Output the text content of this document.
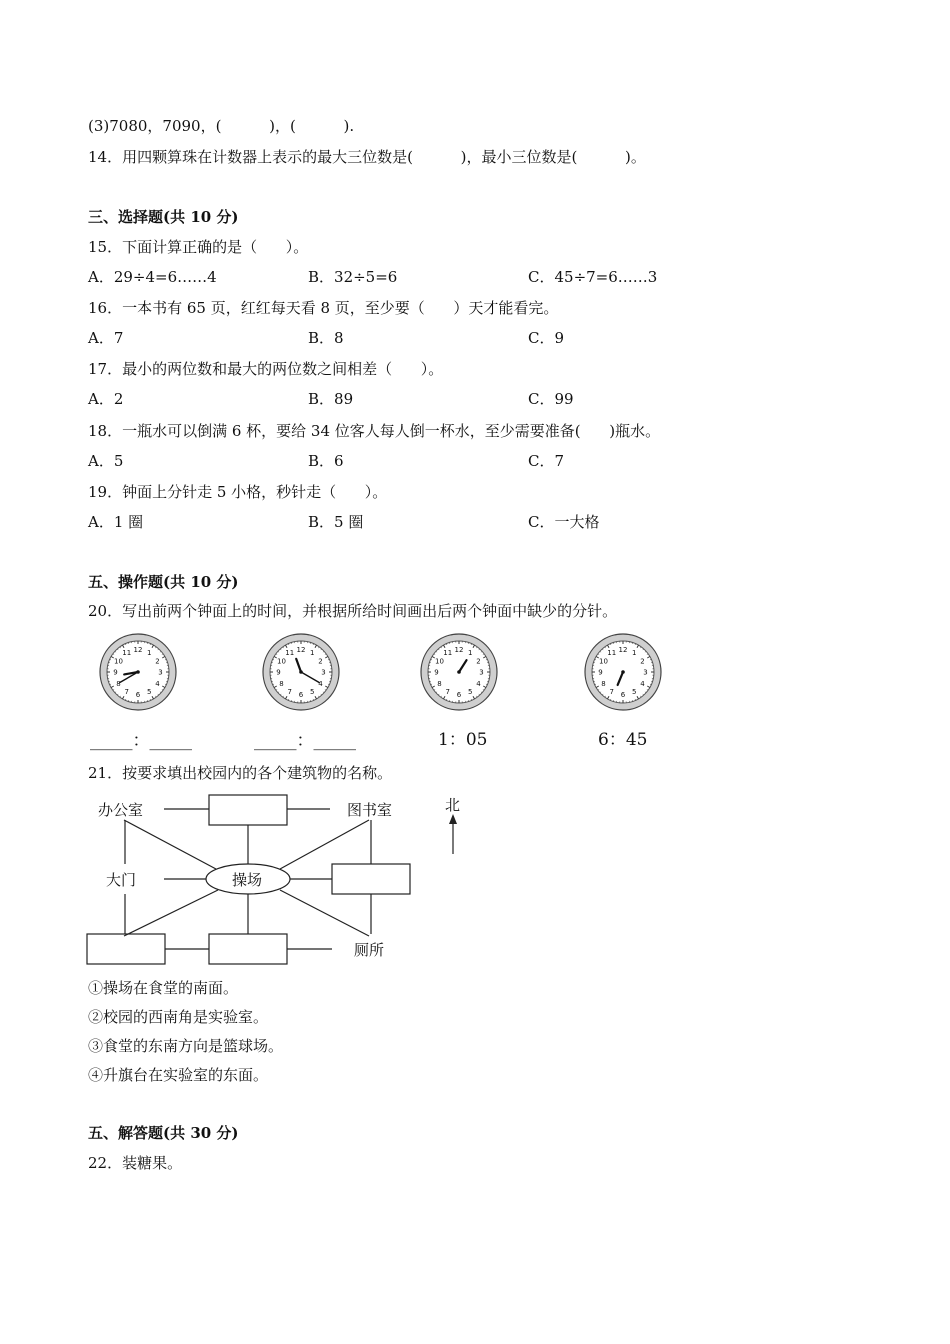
(3)7080，7090，(          )，(          ).
14．用四颗算珠在计数器上表示的最大三位数是(          )，最小三位数是(          )。
三、选择题(共 10 分)
15．下面计算正确的是（      ）。
A．29÷4=6……4	B．32÷5=6	C．45÷7=6……3
16．一本书有 65 页，红红每天看 8 页，至少要（      ）天才能看完。
A．7	B．8	C．9
17．最小的两位数和最大的两位数之间相差（      ）。
A．2	B．89	C．99
18．一瓶水可以倒满 6 杯，要给 34 位客人每人倒一杯水，至少需要准备(      )瓶水。
A．5	B．6	C．7
19．钟面上分针走 5 小格，秒针走（      ）。
A．1 圈	B．5 圈	C．一大格
五、操作题(共 10 分)
20．写出前两个钟面上的时间，并根据所给时间画出后两个钟面中缺少的分针。
12 1
2
3
4
5
6
7
8
9
10
11	12 1
2
3
4
5
6
7
8
9
10
11	12 1
2
3
4
5
6
7
8
9
10
11	12 1
2
3
4
5
6
7
8
9
10
11
_____：_____	_____：_____	1：05	6：45
21．按要求填出校园内的各个建筑物的名称。
办公室	图书室
大门	操场
厕所
北
①操场在食堂的南面。
②校园的西南角是实验室。
③食堂的东南方向是篮球场。
④升旗台在实验室的东面。
五、解答题(共 30 分)
22．装糖果。
